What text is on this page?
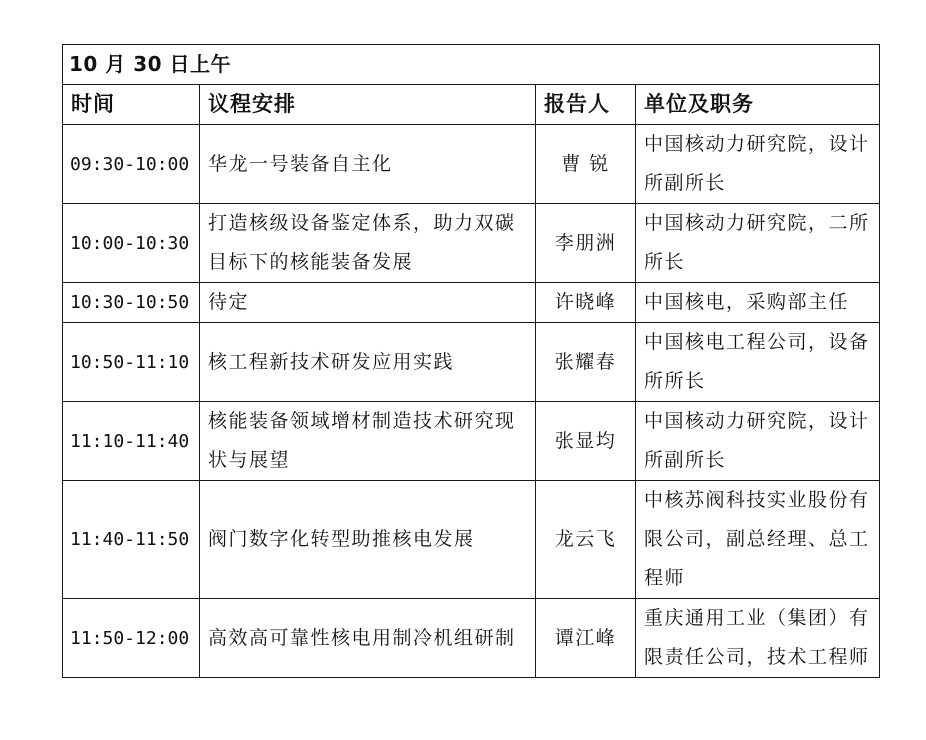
10 月 30 日上午			
时间	议程安排	报告人	单位及职务
09:30-10:00	华龙一号装备自主化	曹 锐	中国核动力研究院，设计所副所长
10:00-10:30	打造核级设备鉴定体系，助力双碳目标下的核能装备发展	李朋洲	中国核动力研究院，二所所长
10:30-10:50	待定	许晓峰	中国核电，采购部主任
10:50-11:10	核工程新技术研发应用实践	张耀春	中国核电工程公司，设备所所长
11:10-11:40	核能装备领域增材制造技术研究现状与展望	张显均	中国核动力研究院，设计所副所长
11:40-11:50	阀门数字化转型助推核电发展	龙云飞	中核苏阀科技实业股份有限公司，副总经理、总工程师
11:50-12:00	高效高可靠性核电用制冷机组研制	谭江峰	重庆通用工业（集团）有限责任公司，技术工程师
